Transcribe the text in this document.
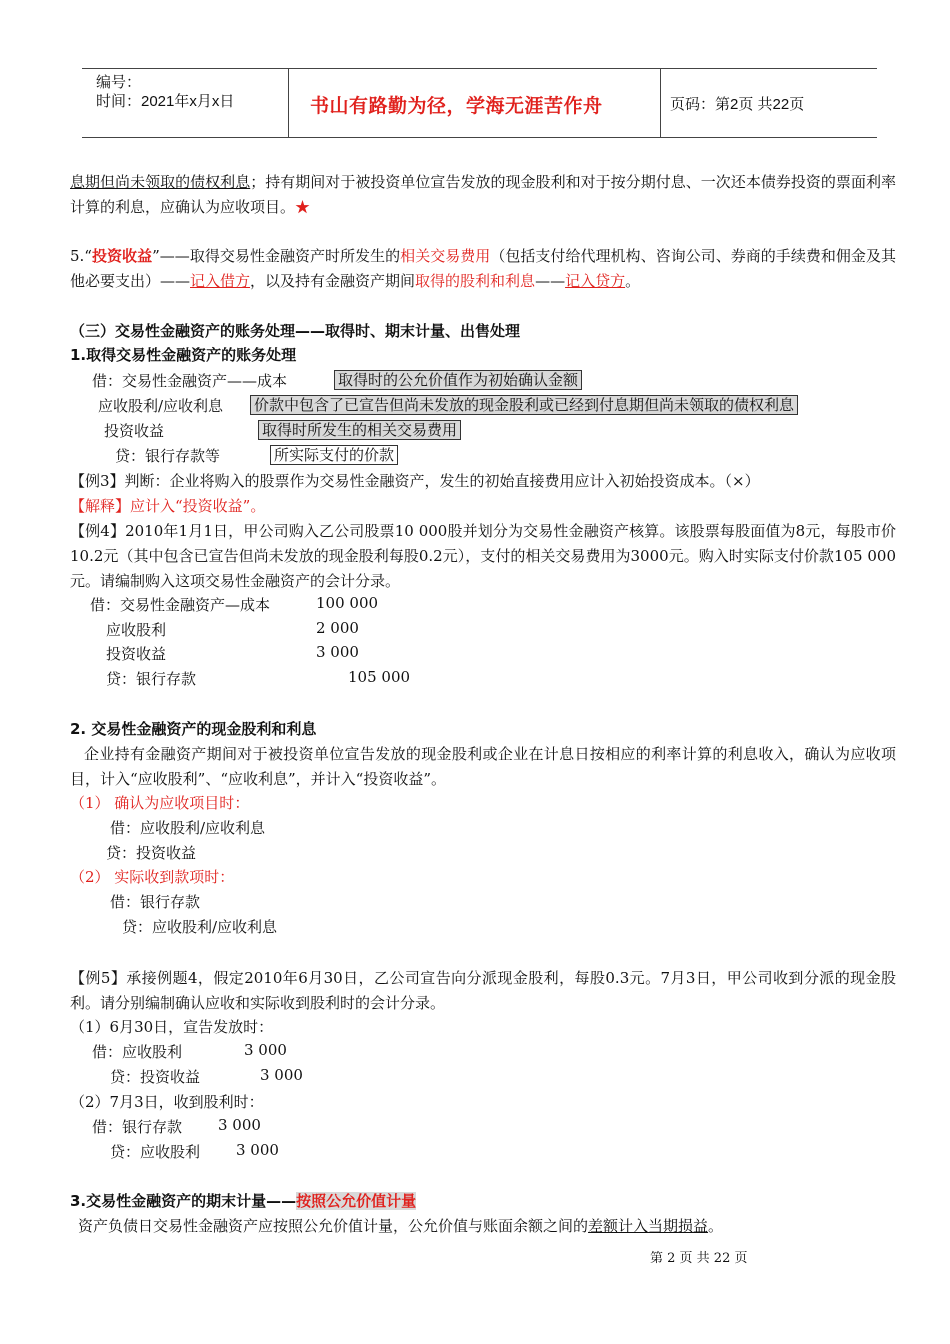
编号：
时间：2021年x月x日	书山有路勤为径，学海无涯苦作舟	页码：第2页 共22页
息期但尚未领取的债权利息；持有期间对于被投资单位宣告发放的现金股利和对于按分期付息、一次还本债券投资的票面利率计算的利息，应确认为应收项目。★
5.“投资收益”——取得交易性金融资产时所发生的相关交易费用（包括支付给代理机构、咨询公司、券商的手续费和佣金及其他必要支出）——记入借方，以及持有金融资产期间取得的股利和利息——记入贷方。
（三）交易性金融资产的账务处理——取得时、期末计量、出售处理
1.取得交易性金融资产的账务处理
借：交易性金融资产——成本	取得时的公允价值作为初始确认金额
应收股利/应收利息 价款中包含了已宣告但尚未发放的现金股利或已经到付息期但尚未领取的债权利息
投资收益	取得时所发生的相关交易费用
贷：银行存款等	所实际支付的价款
【例3】判断：企业将购入的股票作为交易性金融资产，发生的初始直接费用应计入初始投资成本。（×）
【解释】应计入“投资收益”。
【例4】2010年1月1日，甲公司购入乙公司股票10 000股并划分为交易性金融资产核算。该股票每股面值为8元，每股市价10.2元（其中包含已宣告但尚未发放的现金股利每股0.2元），支付的相关交易费用为3000元。购入时实际支付价款105 000元。请编制购入这项交易性金融资产的会计分录。
借：交易性金融资产—成本	100 000
应收股利	2 000
投资收益	3 000
贷：银行存款	105 000
2. 交易性金融资产的现金股利和利息
企业持有金融资产期间对于被投资单位宣告发放的现金股利或企业在计息日按相应的利率计算的利息收入，确认为应收项目，计入“应收股利”、“应收利息”，并计入“投资收益”。
（1） 确认为应收项目时：
借：应收股利/应收利息
贷：投资收益
（2） 实际收到款项时：
借：银行存款
贷：应收股利/应收利息
【例5】承接例题4，假定2010年6月30日，乙公司宣告向分派现金股利，每股0.3元。7月3日，甲公司收到分派的现金股利。请分别编制确认应收和实际收到股利时的会计分录。
（1）6月30日，宣告发放时：
借：应收股利	3 000
贷：投资收益	3 000
（2）7月3日，收到股利时：
借：银行存款 3 000
贷：应收股利 3 000
3.交易性金融资产的期末计量——按照公允价值计量
资产负债日交易性金融资产应按照公允价值计量，公允价值与账面余额之间的差额计入当期损益。
第 2 页 共 22 页
